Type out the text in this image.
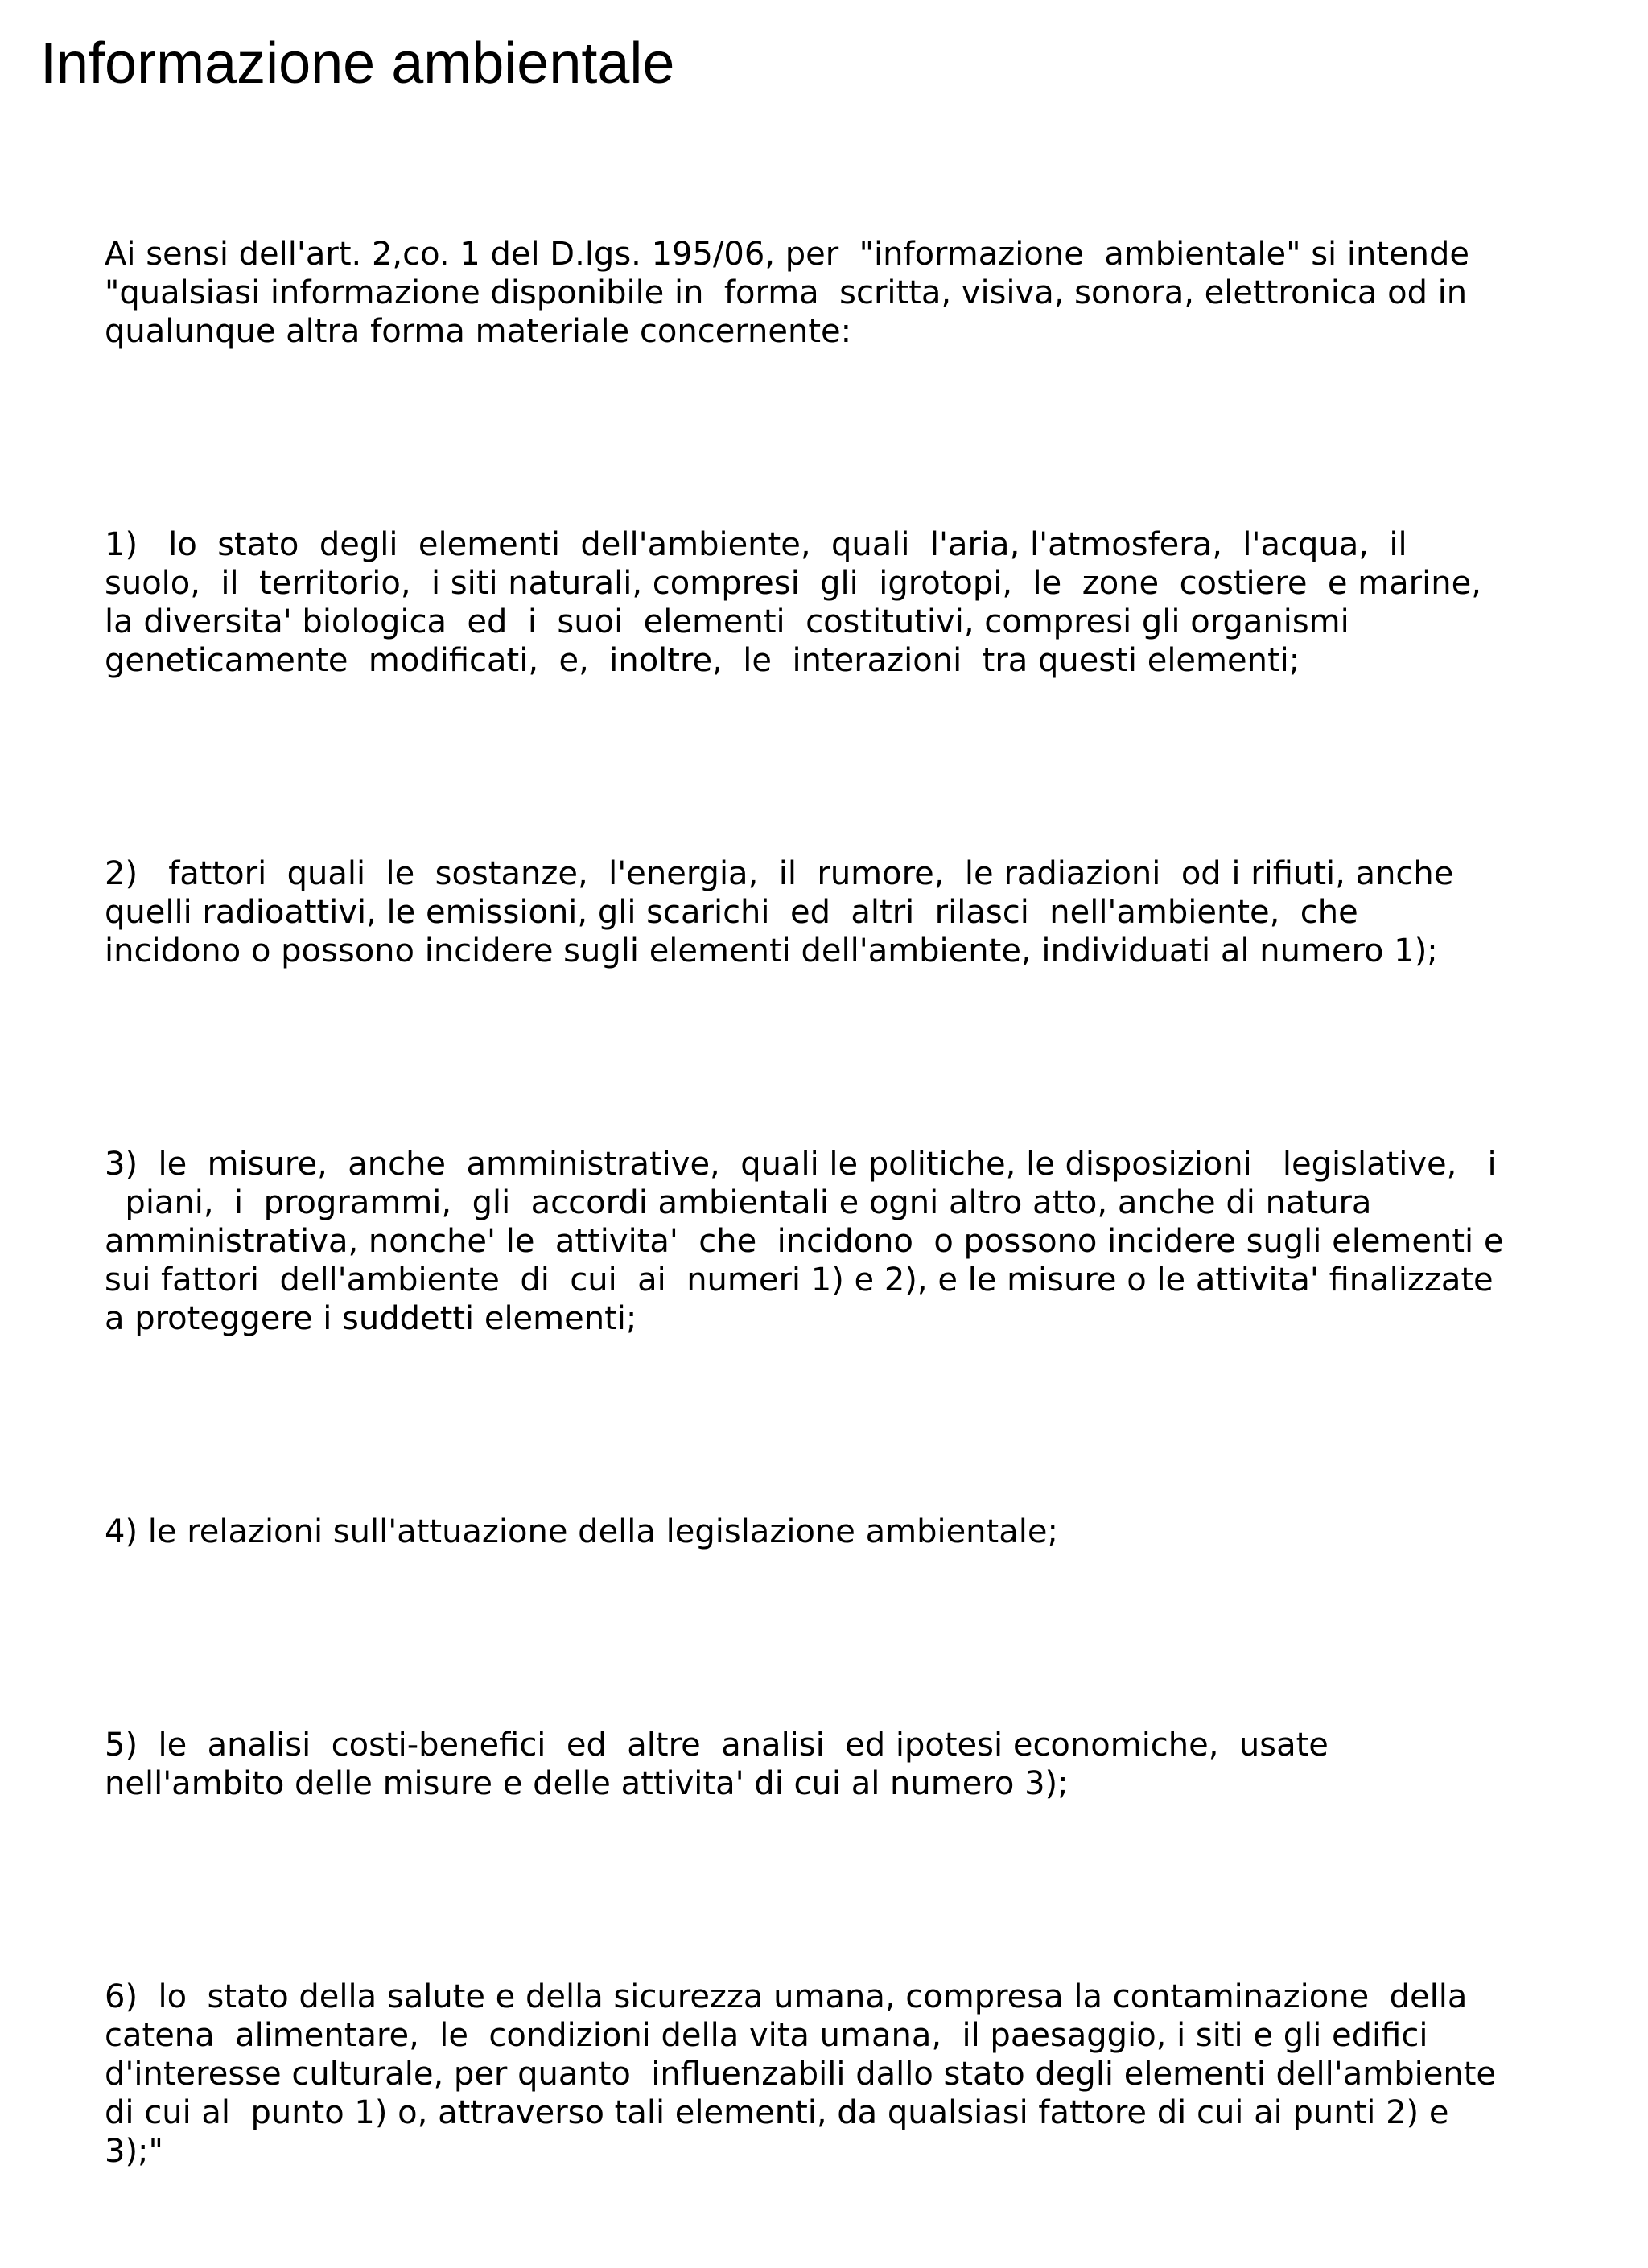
Informazione ambientale

Ai sensi dell'art. 2,co. 1 del D.lgs. 195/06, per  "informazione  ambientale" si intende
"qualsiasi informazione disponibile in  forma  scritta, visiva, sonora, elettronica od in
qualunque altra forma materiale concernente:

1)   lo  stato  degli  elementi  dell'ambiente,  quali  l'aria, l'atmosfera,  l'acqua,  il
suolo,  il  territorio,  i siti naturali, compresi  gli  igrotopi,  le  zone  costiere  e marine,
la diversita' biologica  ed  i  suoi  elementi  costitutivi, compresi gli organismi
geneticamente  modificati,  e,  inoltre,  le  interazioni  tra questi elementi;

2)   fattori  quali  le  sostanze,  l'energia,  il  rumore,  le radiazioni  od i rifiuti, anche
quelli radioattivi, le emissioni, gli scarichi  ed  altri  rilasci  nell'ambiente,  che
incidono o possono incidere sugli elementi dell'ambiente, individuati al numero 1);

3)  le  misure,  anche  amministrative,  quali le politiche, le disposizioni   legislative,   i
piani,  i  programmi,  gli  accordi ambientali e ogni altro atto, anche di natura
amministrativa, nonche' le  attivita'  che  incidono  o possono incidere sugli elementi e
sui fattori  dell'ambiente  di  cui  ai  numeri 1) e 2), e le misure o le attivita' finalizzate
a proteggere i suddetti elementi;

4) le relazioni sull'attuazione della legislazione ambientale;

5)  le  analisi  costi-benefici  ed  altre  analisi  ed ipotesi economiche,  usate
nell'ambito delle misure e delle attivita' di cui al numero 3);

6)  lo  stato della salute e della sicurezza umana, compresa la contaminazione  della
catena  alimentare,  le  condizioni della vita umana,  il paesaggio, i siti e gli edifici
d'interesse culturale, per quanto  influenzabili dallo stato degli elementi dell'ambiente
di cui al  punto 1) o, attraverso tali elementi, da qualsiasi fattore di cui ai punti 2) e
3);"
